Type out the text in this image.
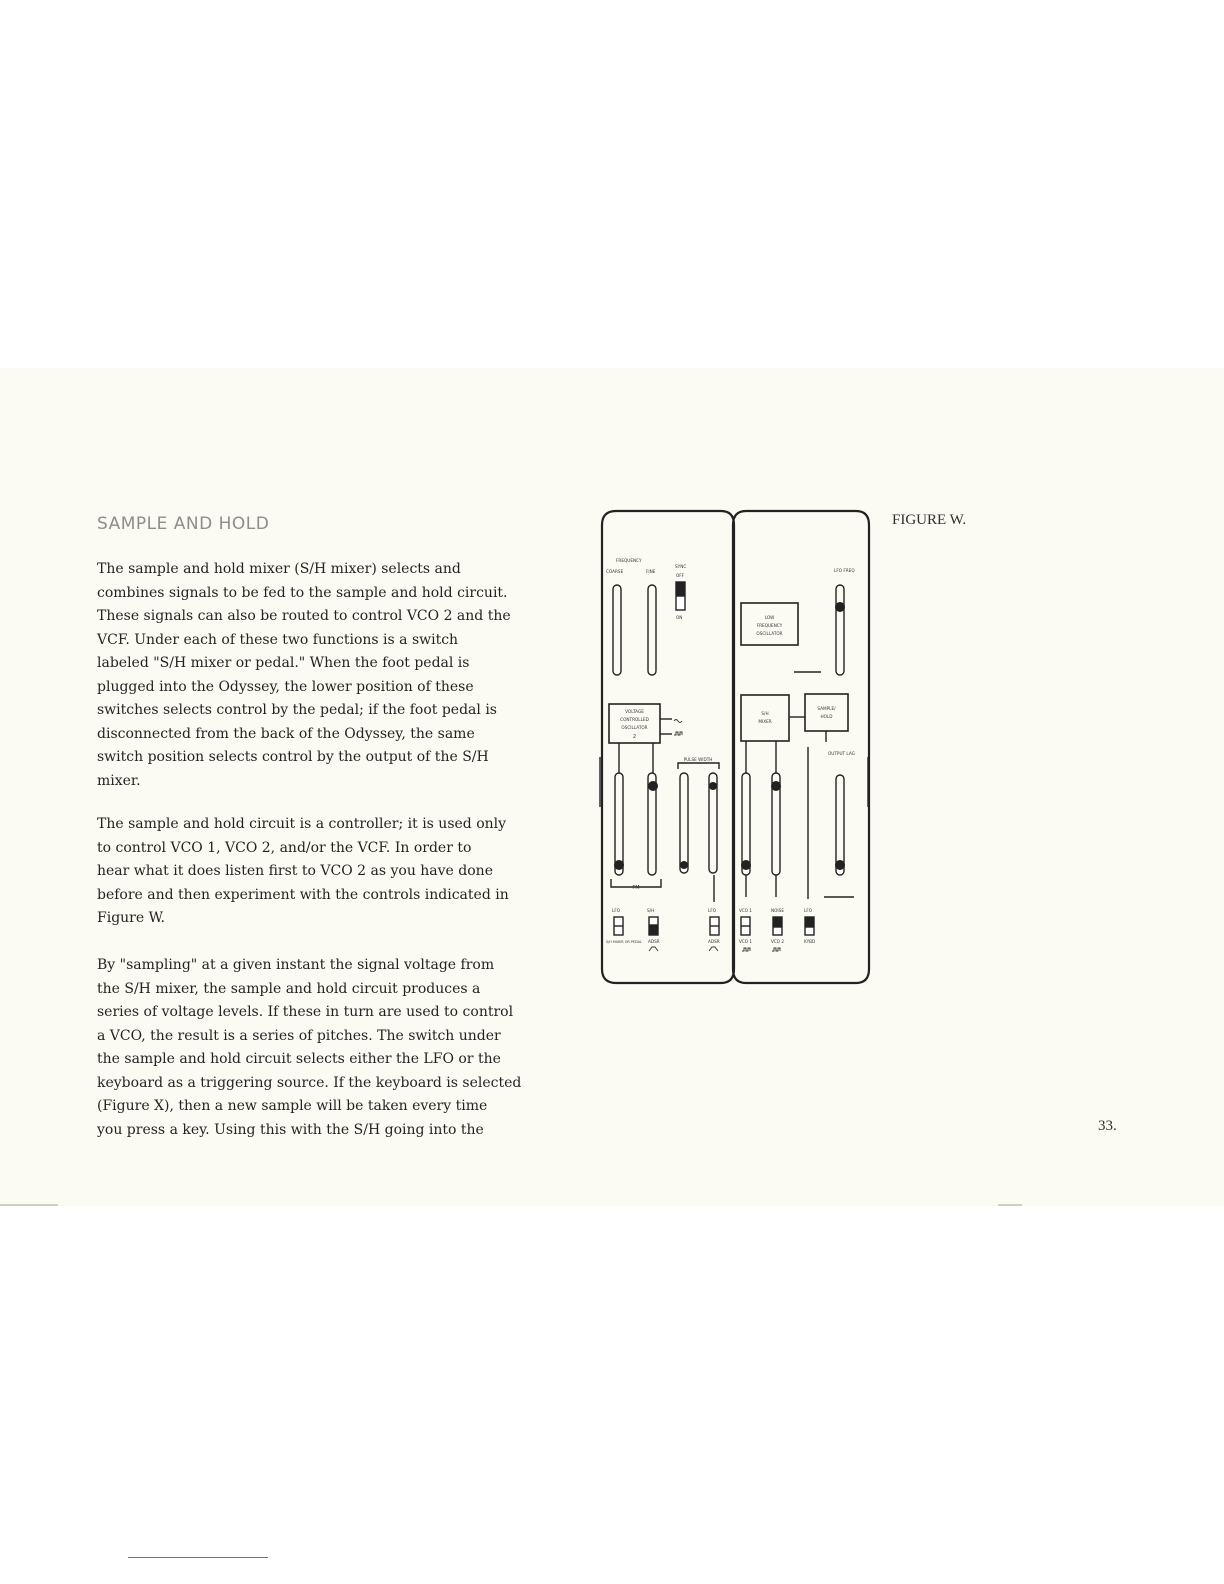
SAMPLE AND HOLD
The sample and hold mixer (S/H mixer) selects and
combines signals to be fed to the sample and hold circuit.
These signals can also be routed to control VCO 2 and the
VCF. Under each of these two functions is a switch
labeled "S/H mixer or pedal." When the foot pedal is
plugged into the Odyssey, the lower position of these
switches selects control by the pedal; if the foot pedal is
disconnected from the back of the Odyssey, the same
switch position selects control by the output of the S/H
mixer.
The sample and hold circuit is a controller; it is used only
to control VCO 1, VCO 2, and/or the VCF. In order to
hear what it does listen first to VCO 2 as you have done
before and then experiment with the controls indicated in
Figure W.
By "sampling" at a given instant the signal voltage from
the S/H mixer, the sample and hold circuit produces a
series of voltage levels. If these in turn are used to control
a VCO, the result is a series of pitches. The switch under
the sample and hold circuit selects either the LFO or the
keyboard as a triggering source. If the keyboard is selected
(Figure X), then a new sample will be taken every time
you press a key. Using this with the S/H going into the
FIGURE W.
FREQUENCY
COARSE	FINE
SYNC
OFF
ON
VOLTAGE
CONTROLLED
OSCILLATOR
2
PULSE WIDTH
FM
LFO	S/H	LFO
S/H MIXER OR PEDAL ADSR	ADSR
LOW
FREQUENCY
OSCILLATOR
LFO FREQ
S/H
MIXER
SAMPLE/
HOLD
OUTPUT LAG
VCO 1	NOISE	LFO
VCO 1	VCO 2	KYBD
33.
